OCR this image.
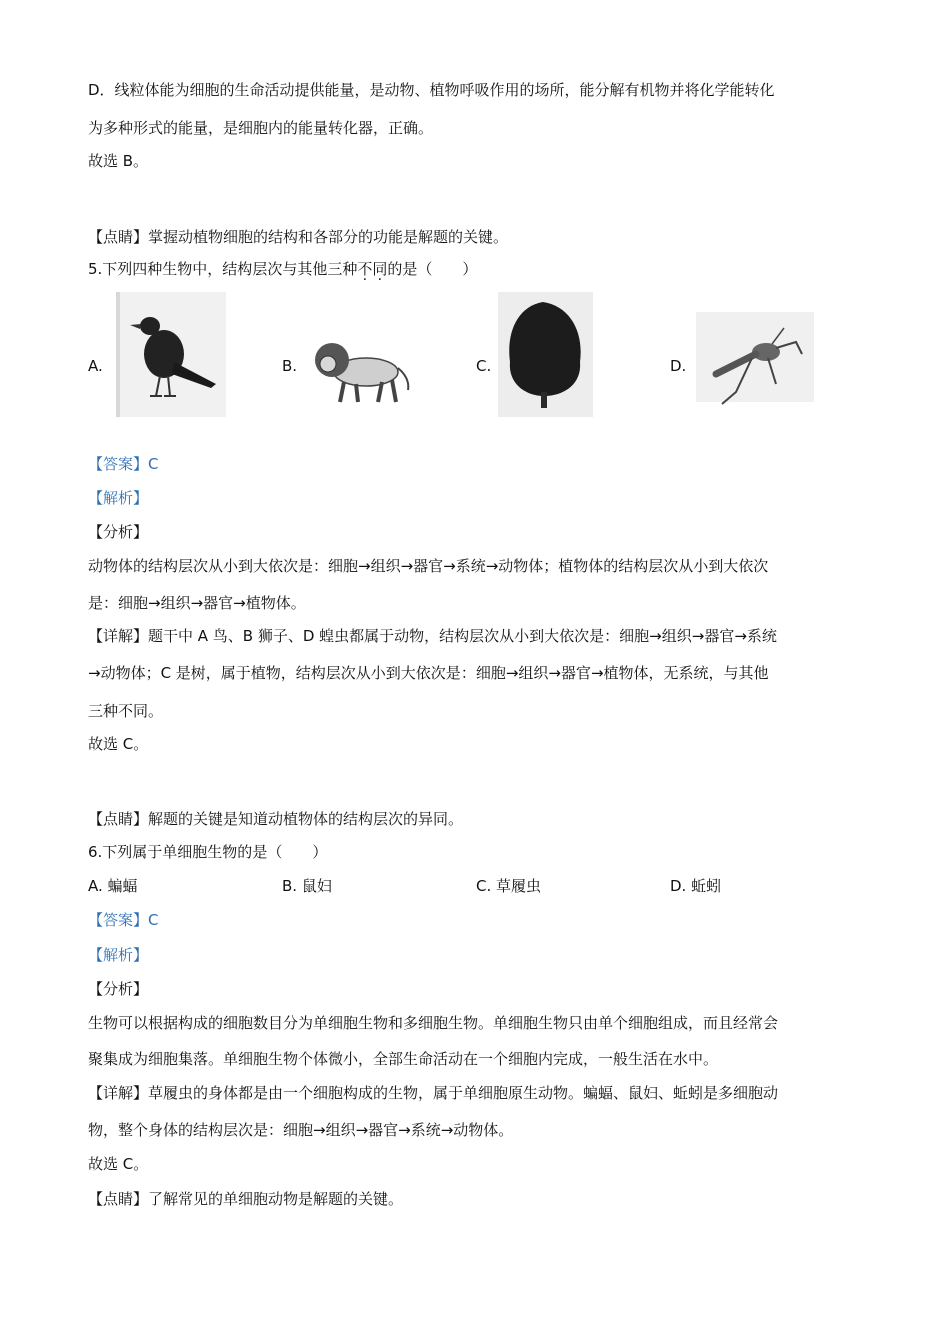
D．线粒体能为细胞的生命活动提供能量，是动物、植物呼吸作用的场所，能分解有机物并将化学能转化
为多种形式的能量，是细胞内的能量转化器，正确。
故选 B。
【点睛】掌握动植物细胞的结构和各部分的功能是解题的关键。
5.下列四种生物中，结构层次与其他三种不同的是（　　）
A.	B.	C.	D.
【答案】C
【解析】
【分析】
动物体的结构层次从小到大依次是：细胞→组织→器官→系统→动物体；植物体的结构层次从小到大依次
是：细胞→组织→器官→植物体。
【详解】题干中 A 鸟、B 狮子、D 蝗虫都属于动物，结构层次从小到大依次是：细胞→组织→器官→系统
→动物体；C 是树，属于植物，结构层次从小到大依次是：细胞→组织→器官→植物体，无系统，与其他
三种不同。
故选 C。
【点睛】解题的关键是知道动植物体的结构层次的异同。
6.下列属于单细胞生物的是（　　）
A. 蝙蝠	B. 鼠妇	C. 草履虫	D. 蚯蚓
【答案】C
【解析】
【分析】
生物可以根据构成的细胞数目分为单细胞生物和多细胞生物。单细胞生物只由单个细胞组成，而且经常会
聚集成为细胞集落。单细胞生物个体微小，全部生命活动在一个细胞内完成，一般生活在水中。
【详解】草履虫的身体都是由一个细胞构成的生物，属于单细胞原生动物。蝙蝠、鼠妇、蚯蚓是多细胞动
物，整个身体的结构层次是：细胞→组织→器官→系统→动物体。
故选 C。
【点睛】了解常见的单细胞动物是解题的关键。
